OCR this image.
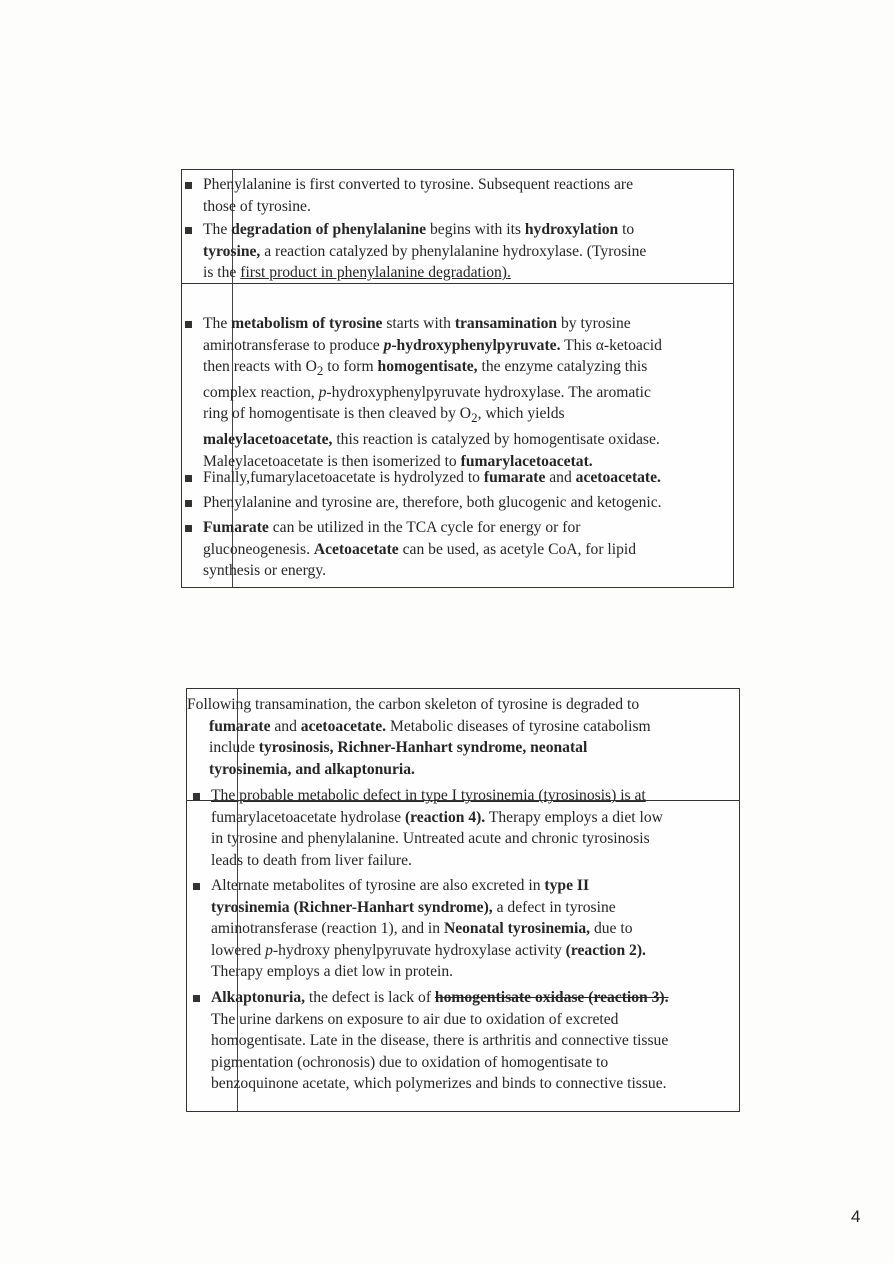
Phenylalanine is first converted to tyrosine. Subsequent reactions are
those of tyrosine.
The degradation of phenylalanine begins with its hydroxylation to
tyrosine, a reaction catalyzed by phenylalanine hydroxylase. (Tyrosine
is the first product in phenylalanine degradation).
The metabolism of tyrosine starts with transamination by tyrosine
aminotransferase to produce p-hydroxyphenylpyruvate. This α-ketoacid
then reacts with $O_2$ to form homogentisate, the enzyme catalyzing this
complex reaction, p-hydroxyphenylpyruvate hydroxylase. The aromatic
ring of homogentisate is then cleaved by $O_2$, which yields
maleylacetoacetate, this reaction is catalyzed by homogentisate oxidase.
Maleylacetoacetate is then isomerized to fumarylacetoacetat.
Finally,fumarylacetoacetate is hydrolyzed to fumarate and acetoacetate.
Phenylalanine and tyrosine are, therefore, both glucogenic and ketogenic.
Fumarate can be utilized in the TCA cycle for energy or for
gluconeogenesis. Acetoacetate can be used, as acetyle CoA, for lipid
synthesis or energy.
Following transamination, the carbon skeleton of tyrosine is degraded to
fumarate and acetoacetate. Metabolic diseases of tyrosine catabolism
include tyrosinosis, Richner-Hanhart syndrome, neonatal
tyrosinemia, and alkaptonuria.
The probable metabolic defect in type I tyrosinemia (tyrosinosis) is at
fumarylacetoacetate hydrolase (reaction 4). Therapy employs a diet low
in tyrosine and phenylalanine. Untreated acute and chronic tyrosinosis
leads to death from liver failure.
Alternate metabolites of tyrosine are also excreted in type II
tyrosinemia (Richner-Hanhart syndrome), a defect in tyrosine
aminotransferase (reaction 1), and in Neonatal tyrosinemia, due to
lowered p-hydroxy phenylpyruvate hydroxylase activity (reaction 2).
Therapy employs a diet low in protein.
Alkaptonuria, the defect is lack of homogentisate oxidase (reaction 3).
The urine darkens on exposure to air due to oxidation of excreted
homogentisate. Late in the disease, there is arthritis and connective tissue
pigmentation (ochronosis) due to oxidation of homogentisate to
benzoquinone acetate, which polymerizes and binds to connective tissue.
4
